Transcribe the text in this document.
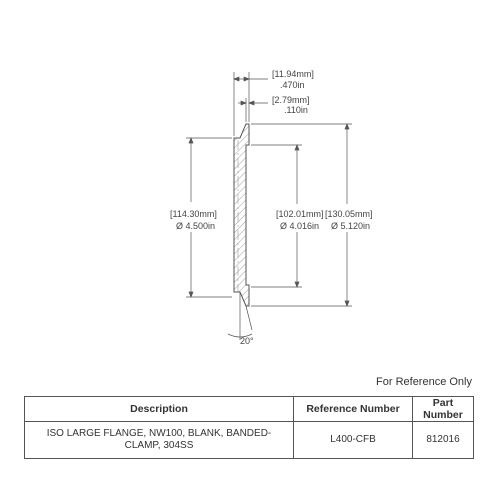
[11.94mm]
.470in
[2.79mm]
.110in
[114.30mm]
Ø 4.500in
[102.01mm]
Ø 4.016in
[130.05mm]
Ø 5.120in
20°
For Reference Only
Description	Reference Number	Part Number
ISO LARGE FLANGE, NW100, BLANK, BANDED-CLAMP, 304SS	L400-CFB	812016
